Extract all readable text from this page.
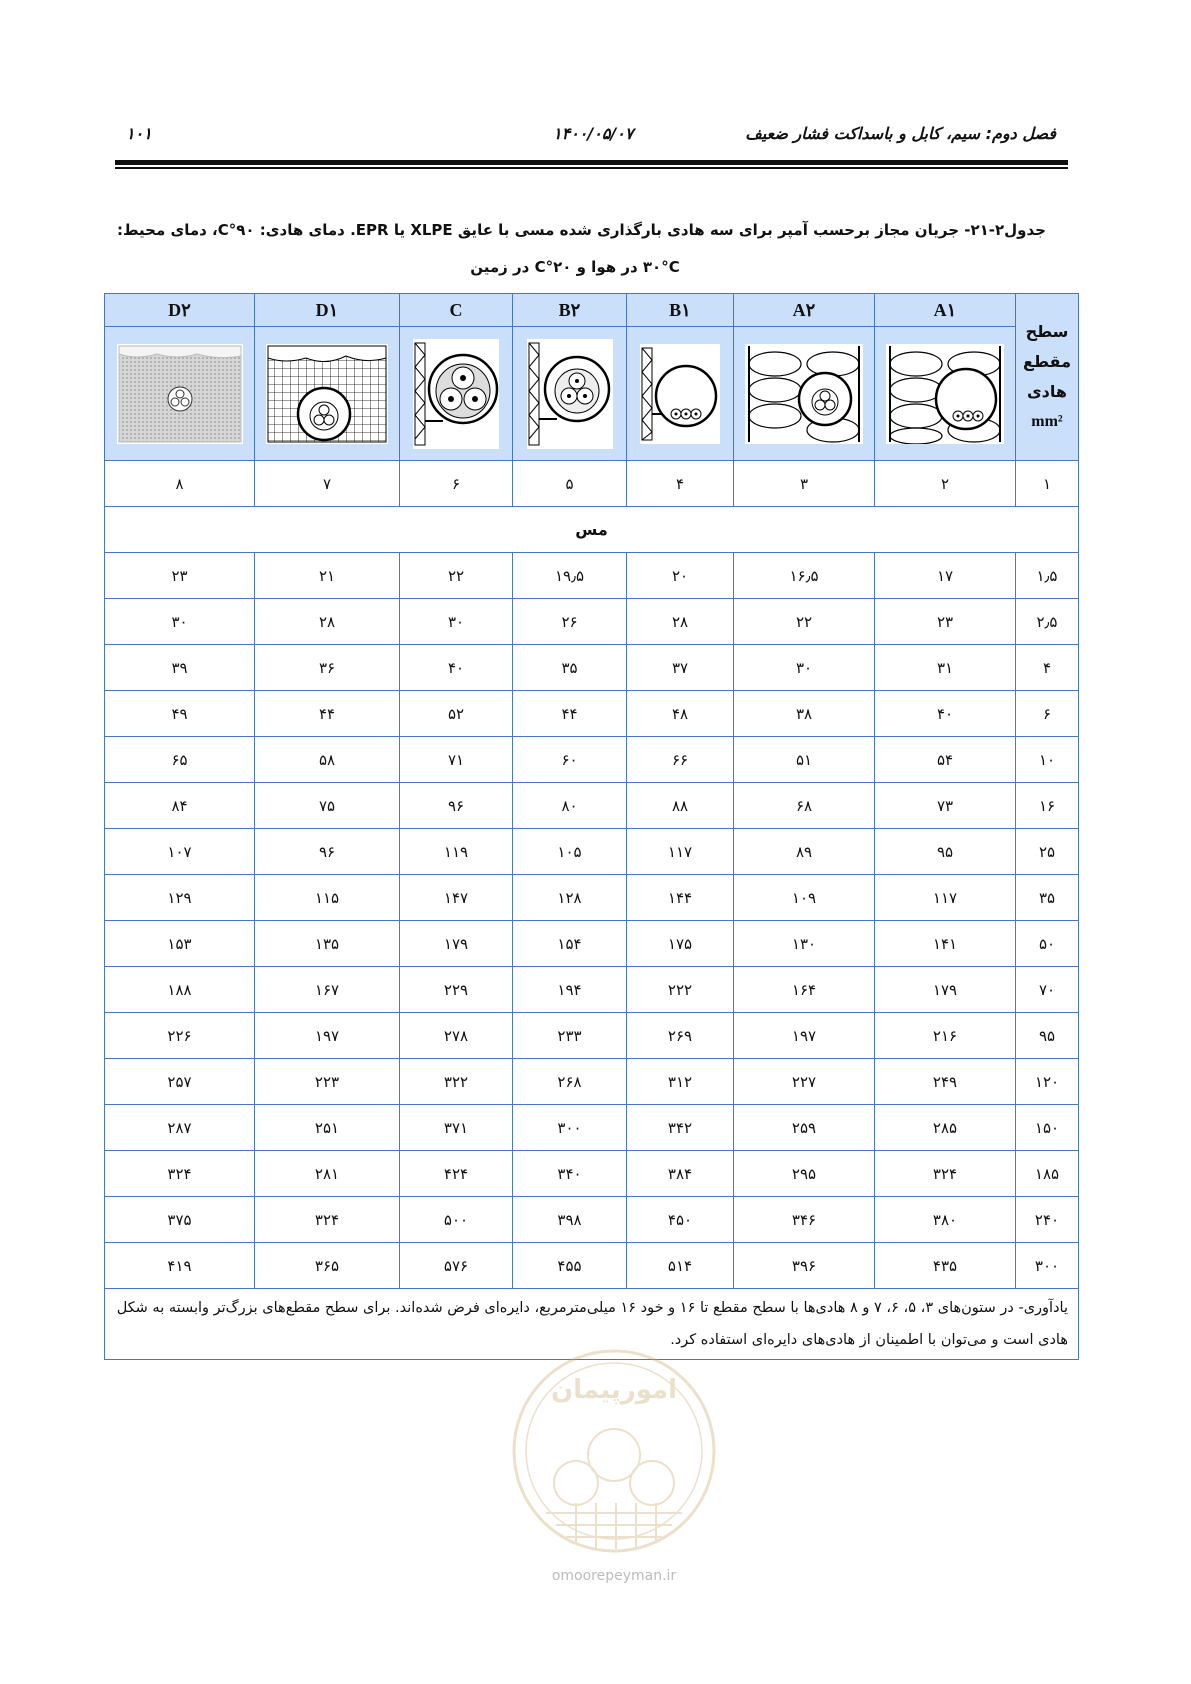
فصل دوم: سیم، کابل و باسداکت فشار ضعیف
۱۴۰۰/۰۵/۰۷
۱۰۱
جدول۲-۲۱- جریان مجاز برحسب آمپر برای سه هادی بارگذاری شده مسی با عایق XLPE یا EPR. دمای هادی: ۹۰°C، دمای محیط:
۳۰°C در هوا و ۲۰°C در زمین
سطح
مقطع
هادی
mm²	A۱	A۲	B۱	B۲	C	D۱	D۲

۱	۲	۳	۴	۵	۶	۷	۸
مس							
۱٫۵	۱۷	۱۶٫۵	۲۰	۱۹٫۵	۲۲	۲۱	۲۳
۲٫۵	۲۳	۲۲	۲۸	۲۶	۳۰	۲۸	۳۰
۴	۳۱	۳۰	۳۷	۳۵	۴۰	۳۶	۳۹
۶	۴۰	۳۸	۴۸	۴۴	۵۲	۴۴	۴۹
۱۰	۵۴	۵۱	۶۶	۶۰	۷۱	۵۸	۶۵
۱۶	۷۳	۶۸	۸۸	۸۰	۹۶	۷۵	۸۴
۲۵	۹۵	۸۹	۱۱۷	۱۰۵	۱۱۹	۹۶	۱۰۷
۳۵	۱۱۷	۱۰۹	۱۴۴	۱۲۸	۱۴۷	۱۱۵	۱۲۹
۵۰	۱۴۱	۱۳۰	۱۷۵	۱۵۴	۱۷۹	۱۳۵	۱۵۳
۷۰	۱۷۹	۱۶۴	۲۲۲	۱۹۴	۲۲۹	۱۶۷	۱۸۸
۹۵	۲۱۶	۱۹۷	۲۶۹	۲۳۳	۲۷۸	۱۹۷	۲۲۶
۱۲۰	۲۴۹	۲۲۷	۳۱۲	۲۶۸	۳۲۲	۲۲۳	۲۵۷
۱۵۰	۲۸۵	۲۵۹	۳۴۲	۳۰۰	۳۷۱	۲۵۱	۲۸۷
۱۸۵	۳۲۴	۲۹۵	۳۸۴	۳۴۰	۴۲۴	۲۸۱	۳۲۴
۲۴۰	۳۸۰	۳۴۶	۴۵۰	۳۹۸	۵۰۰	۳۲۴	۳۷۵
۳۰۰	۴۳۵	۳۹۶	۵۱۴	۴۵۵	۵۷۶	۳۶۵	۴۱۹
یادآوری- در ستون‌های ۳، ۵، ۶، ۷ و ۸ هادی‌ها با سطح مقطع تا ۱۶ و خود ۱۶ میلی‌مترمربع، دایره‌ای فرض شده‌اند. برای سطح مقطع‌های بزرگ‌تر وابسته به شکل هادی است و می‌توان با اطمینان از هادی‌های دایره‌ای استفاده کرد.							
امورپیمان
omoorepeyman.ir
